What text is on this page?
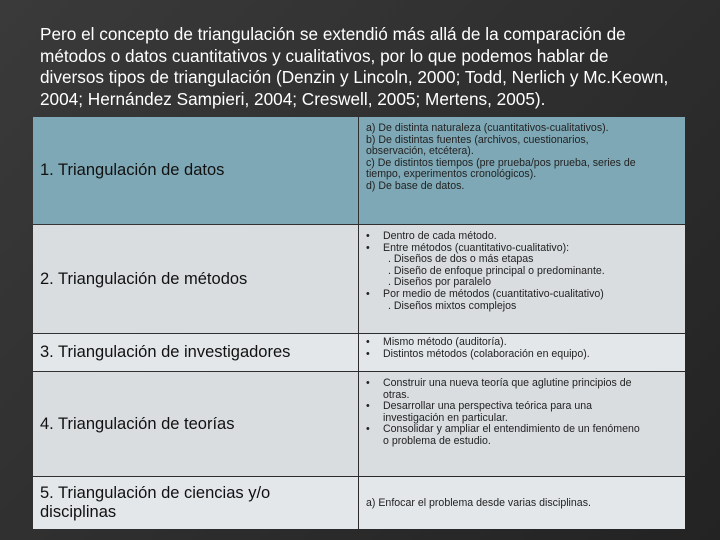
Pero el concepto de triangulación se extendió más allá de la comparación de
métodos o datos cuantitativos y cualitativos, por lo que podemos hablar de
diversos tipos de triangulación (Denzin y Lincoln, 2000; Todd, Nerlich y Mc.Keown,
2004; Hernández Sampieri, 2004; Creswell, 2005; Mertens, 2005).

1. Triangulación de datos
a) De distinta naturaleza (cuantitativos-cualitativos).
b) De distintas fuentes (archivos, cuestionarios,
observación, etcétera).
c) De distintos tiempos (pre prueba/pos prueba, series de
tiempo, experimentos cronológicos).
d) De base de datos.
2. Triangulación de métodos
• Dentro de cada método.
• Entre métodos (cuantitativo-cualitativo):
. Diseños de dos o más etapas
. Diseño de enfoque principal o predominante.
. Diseños por paralelo
• Por medio de métodos (cuantitativo-cualitativo)
. Diseños mixtos complejos
3. Triangulación de investigadores
• Mismo método (auditoría).
• Distintos métodos (colaboración en equipo).
4. Triangulación de teorías
• Construir una nueva teoría que aglutine principios de
otras.
• Desarrollar una perspectiva teórica para una
investigación en particular.
• Consolidar y ampliar el entendimiento de un fenómeno
o problema de estudio.
5. Triangulación de ciencias y/o
disciplinas	a) Enfocar el problema desde varias disciplinas.
